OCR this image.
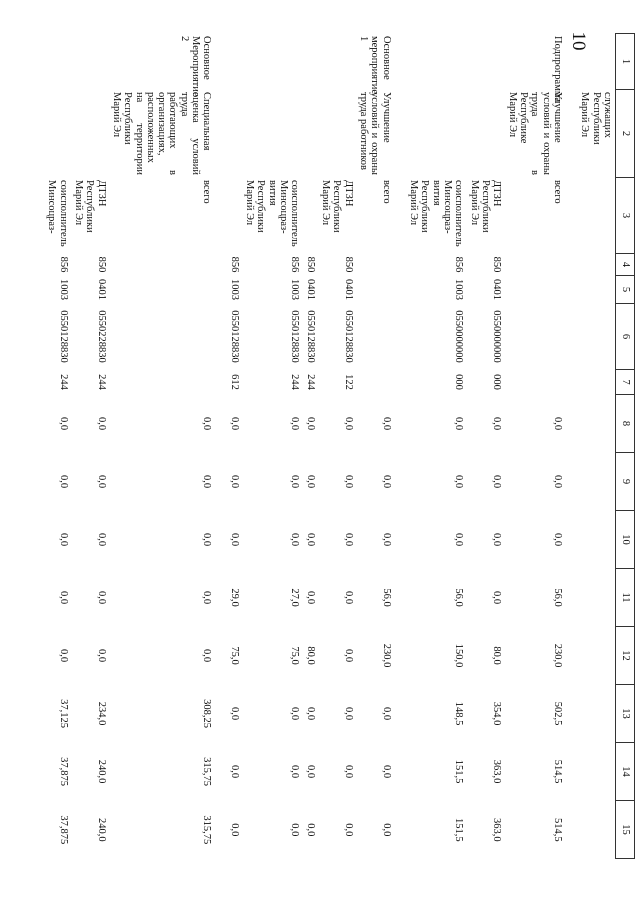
10
1	2	3	4	5	6	7	8	9	10	11	12	13	14	15
	служащих Республики Марий Эл													
Подпрограмма	Улучшение условий и охраны труда в Республике Марий Эл	всего					0,0	0,0	0,0	56,0	230,0	502,5	514,5	514,5
		ДТЗН Республики Марий Эл	850	0401	0550000000	000	0,0	0,0	0,0	0,0	80,0	354,0	363,0	363,0
		соисполнитель Минсоцраз-вития Республики Марий Эл	856	1003	0550000000	000	0,0	0,0	0,0	56,0	150,0	148,5	151,5	151,5
Основное мероприятие 1	Улучшение условий и охраны труда работников	всего					0,0	0,0	0,0	56,0	230,0	0,0	0,0	0,0
		ДТЗН Республики Марий Эл	850	0401	0550128830	122	0,0	0,0	0,0	0,0	0,0	0,0	0,0	0,0
			850	0401	0550128830	244	0,0	0,0	0,0	0,0	80,0	0,0	0,0	0,0
		соисполнитель Минсоцраз-вития Республики Марий Эл	856	1003	0550128830	244	0,0	0,0	0,0	27,0	75,0	0,0	0,0	0,0
			856	1003	0550128830	612	0,0	0,0	0,0	29,0	75,0	0,0	0,0	0,0
Основное Мероприятие 2	Специальная оценка условий труда работающих в организациях, расположенных на территории Республики Марий Эл	всего					0,0	0,0	0,0	0,0	0,0	308,25	315,75	315,75
		ДТЗН Республики Марий Эл	850	0401	0550228830	244	0,0	0,0	0,0	0,0	0,0	234,0	240,0	240,0
		соисполнитель Минсоцраз-	856	1003	0550128830	244	0,0	0,0	0,0	0,0	0,0	37,125	37,875	37,875
